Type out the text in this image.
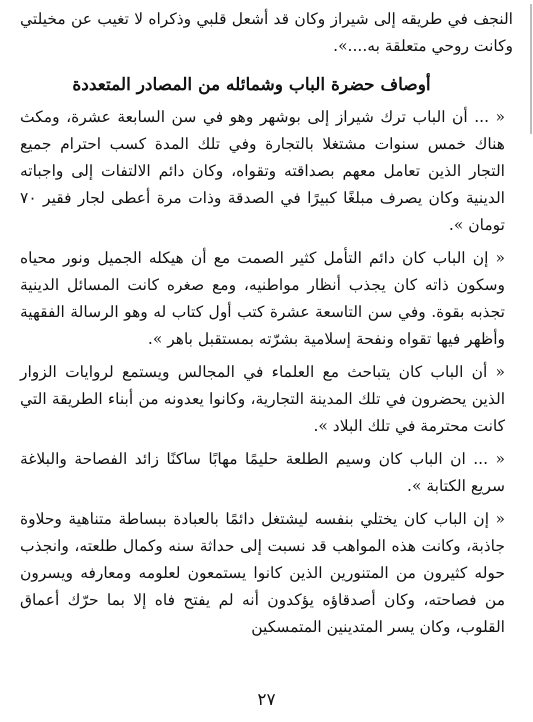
النجف في طريقه إلى شيراز وكان قد أشعل قلبي وذكراه لا تغيب عن مخيلتي وكانت روحي متعلقة به....».

أوصاف حضرة الباب وشمائله من المصادر المتعددة

« ... أن الباب ترك شيراز إلى بوشهر وهو في سن السابعة عشرة، ومكث هناك خمس سنوات مشتغلا بالتجارة وفي تلك المدة كسب احترام جميع التجار الذين تعامل معهم بصداقته وتقواه، وكان دائم الالتفات إلى واجباته الدينية وكان يصرف مبلغًا كبيرًا في الصدقة وذات مرة أعطى لجار فقير ٧٠ تومان ».

« إن الباب كان دائم التأمل كثير الصمت مع أن هيكله الجميل ونور محياه وسكون ذاته كان يجذب أنظار مواطنيه، ومع صغره كانت المسائل الدينية تجذبه بقوة. وفي سن التاسعة عشرة كتب أول كتاب له وهو الرسالة الفقهية وأظهر فيها تقواه ونفحة إسلامية بشرّته بمستقبل باهر ».

« أن الباب كان يتباحث مع العلماء في المجالس ويستمع لروايات الزوار الذين يحضرون في تلك المدينة التجارية، وكانوا يعدونه من أبناء الطريقة التي كانت محترمة في تلك البلاد ».

« ... ان الباب كان وسيم الطلعة حليمًا مهابًا ساكنًا زائد الفصاحة والبلاغة سريع الكتابة ».

« إن الباب كان يختلي بنفسه ليشتغل دائمًا بالعبادة ببساطة متناهية وحلاوة جاذبة، وكانت هذه المواهب قد نسبت إلى حداثة سنه وكمال طلعته، وانجذب حوله كثيرون من المتنورين الذين كانوا يستمعون لعلومه ومعارفه ويسرون من فصاحته، وكان أصدقاؤه يؤكدون أنه لم يفتح فاه إلا بما حرّك أعماق القلوب، وكان يسر المتدينين المتمسكين

٢٧
